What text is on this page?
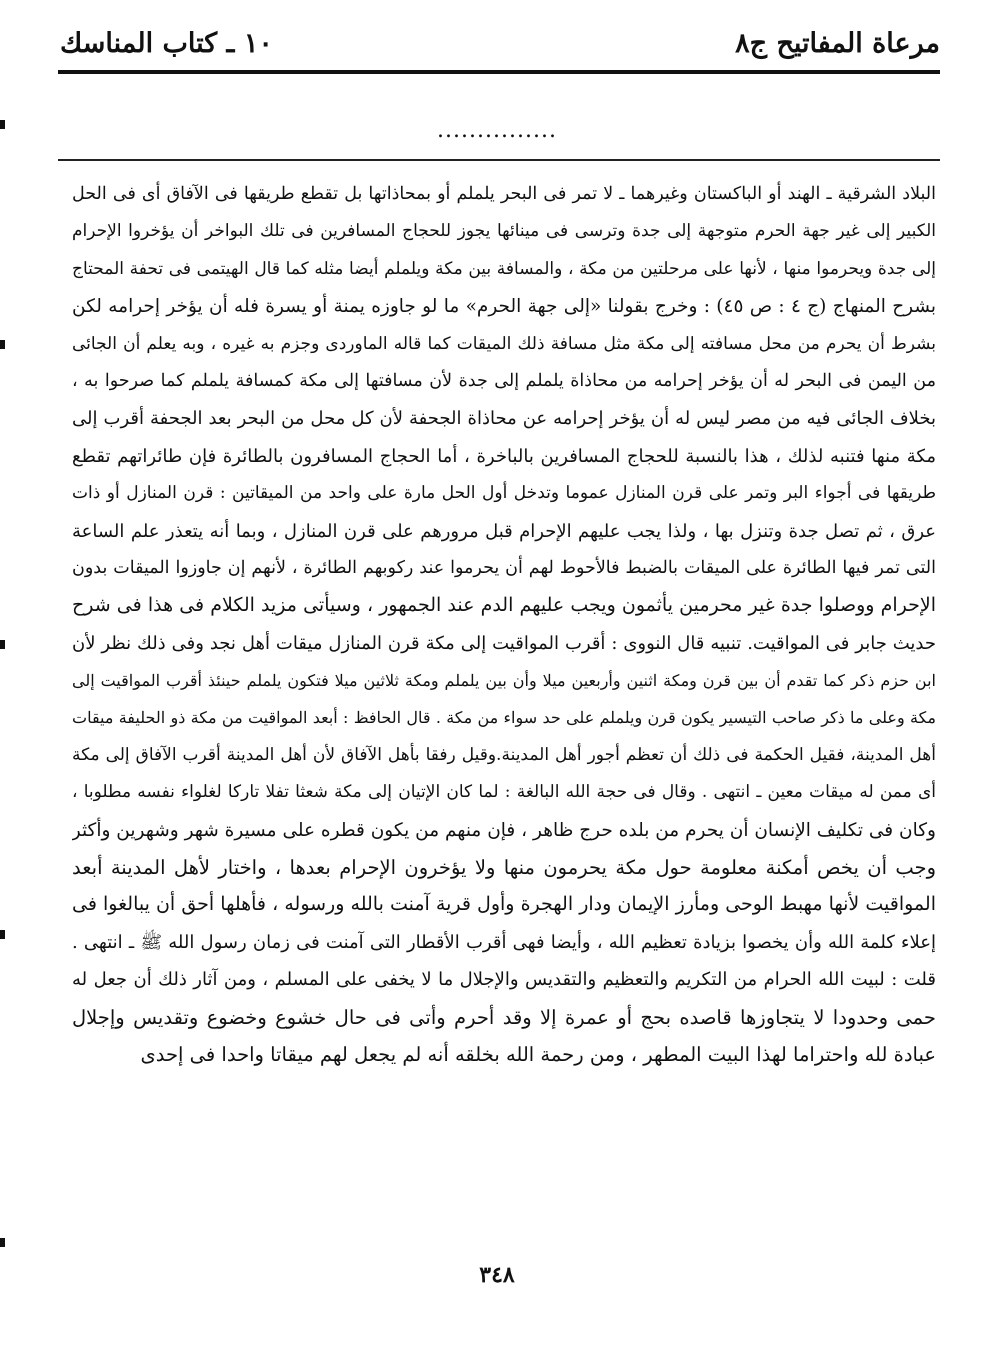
مرعاة المفاتيح ج٨
١٠ ـ كتاب المناسك
...............
البلاد الشرقية ـ الهند أو الباكستان وغيرهما ـ لا تمر فى البحر يلملم أو بمحاذاتها بل تقطع طريقها فى الآفاق أى فى الحل
الكبير إلى غير جهة الحرم متوجهة إلى جدة وترسى فى مينائها يجوز للحجاج المسافرين فى تلك البواخر أن يؤخروا الإحرام
إلى جدة ويحرموا منها ، لأنها على مرحلتين من مكة ، والمسافة بين مكة ويلملم أيضا مثله كما قال الهيتمى فى تحفة المحتاج
بشرح المنهاج (ج ٤ : ص ٤٥) : وخرج بقولنا «إلى جهة الحرم» ما لو جاوزه يمنة أو يسرة فله أن يؤخر إحرامه لكن
بشرط أن يحرم من محل مسافته إلى مكة مثل مسافة ذلك الميقات كما قاله الماوردى وجزم به غيره ، وبه يعلم أن الجائى
من اليمن فى البحر له أن يؤخر إحرامه من محاذاة يلملم إلى جدة لأن مسافتها إلى مكة كمسافة يلملم كما صرحوا به ،
بخلاف الجائى فيه من مصر ليس له أن يؤخر إحرامه عن محاذاة الجحفة لأن كل محل من البحر بعد الجحفة أقرب إلى
مكة منها فتنبه لذلك ، هذا بالنسبة للحجاج المسافرين بالباخرة ، أما الحجاج المسافرون بالطائرة فإن طائراتهم تقطع
طريقها فى أجواء البر وتمر على قرن المنازل عموما وتدخل أول الحل مارة على واحد من الميقاتين : قرن المنازل أو ذات
عرق ، ثم تصل جدة وتنزل بها ، ولذا يجب عليهم الإحرام قبل مرورهم على قرن المنازل ، وبما أنه يتعذر علم الساعة
التى تمر فيها الطائرة على الميقات بالضبط فالأحوط لهم أن يحرموا عند ركوبهم الطائرة ، لأنهم إن جاوزوا الميقات بدون
الإحرام ووصلوا جدة غير محرمين يأثمون ويجب عليهم الدم عند الجمهور ، وسيأتى مزيد الكلام فى هذا فى شرح
حديث جابر فى المواقيت. تنبيه قال النووى : أقرب المواقيت إلى مكة قرن المنازل ميقات أهل نجد وفى ذلك نظر لأن
ابن حزم ذكر كما تقدم أن بين قرن ومكة اثنين وأربعين ميلا وأن بين يلملم ومكة ثلاثين ميلا فتكون يلملم حينئذ أقرب المواقيت إلى
مكة وعلى ما ذكر صاحب التيسير يكون قرن ويلملم على حد سواء من مكة . قال الحافظ : أبعد المواقيت من مكة ذو الحليفة ميقات
أهل المدينة، فقيل الحكمة فى ذلك أن تعظم أجور أهل المدينة.وقيل رفقا بأهل الآفاق لأن أهل المدينة أقرب الآفاق إلى مكة
أى ممن له ميقات معين ـ انتهى . وقال فى حجة الله البالغة : لما كان الإتيان إلى مكة شعثا تفلا تاركا لغلواء نفسه مطلوبا ،
وكان فى تكليف الإنسان أن يحرم من بلده حرج ظاهر ، فإن منهم من يكون قطره على مسيرة شهر وشهرين وأكثر
وجب أن يخص أمكنة معلومة حول مكة يحرمون منها ولا يؤخرون الإحرام بعدها ، واختار لأهل المدينة أبعد
المواقيت لأنها مهبط الوحى ومأرز الإيمان ودار الهجرة وأول قرية آمنت بالله ورسوله ، فأهلها أحق أن يبالغوا فى
إعلاء كلمة الله وأن يخصوا بزيادة تعظيم الله ، وأيضا فهى أقرب الأقطار التى آمنت فى زمان رسول الله ﷺ ـ انتهى .
قلت : لبيت الله الحرام من التكريم والتعظيم والتقديس والإجلال ما لا يخفى على المسلم ، ومن آثار ذلك أن جعل له
حمى وحدودا لا يتجاوزها قاصده بحج أو عمرة إلا وقد أحرم وأتى فى حال خشوع وخضوع وتقديس وإجلال
عبادة لله واحتراما لهذا البيت المطهر ، ومن رحمة الله بخلقه أنه لم يجعل لهم ميقاتا واحدا فى إحدى
٣٤٨
